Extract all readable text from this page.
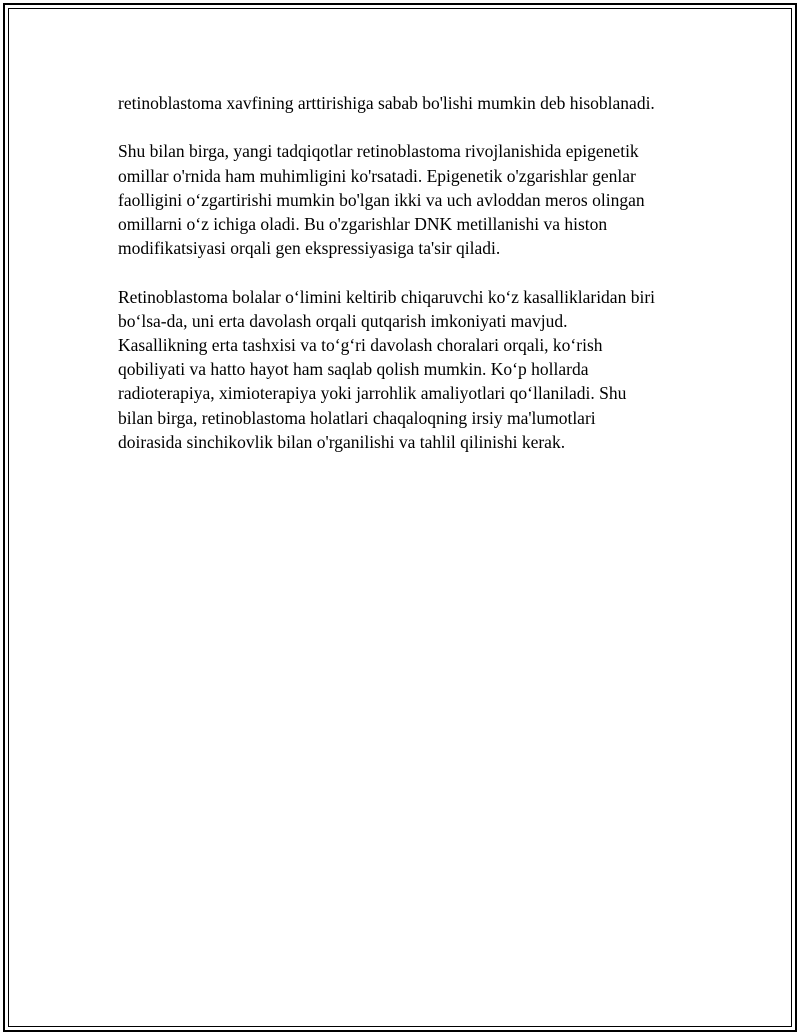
retinoblastoma xavfining arttirishiga sabab bo'lishi mumkin deb hisoblanadi.

Shu bilan birga, yangi tadqiqotlar retinoblastoma rivojlanishida epigenetik
omillar o'rnida ham muhimligini ko'rsatadi. Epigenetik o'zgarishlar genlar
faolligini o‘zgartirishi mumkin bo'lgan ikki va uch avloddan meros olingan
omillarni o‘z ichiga oladi. Bu o'zgarishlar DNK metillanishi va histon
modifikatsiyasi orqali gen ekspressiyasiga ta'sir qiladi.

Retinoblastoma bolalar o‘limini keltirib chiqaruvchi ko‘z kasalliklaridan biri
bo‘lsa-da, uni erta davolash orqali qutqarish imkoniyati mavjud.
Kasallikning erta tashxisi va to‘g‘ri davolash choralari orqali, ko‘rish
qobiliyati va hatto hayot ham saqlab qolish mumkin. Ko‘p hollarda
radioterapiya, ximioterapiya yoki jarrohlik amaliyotlari qo‘llaniladi. Shu
bilan birga, retinoblastoma holatlari chaqaloqning irsiy ma'lumotlari
doirasida sinchikovlik bilan o'rganilishi va tahlil qilinishi kerak.
